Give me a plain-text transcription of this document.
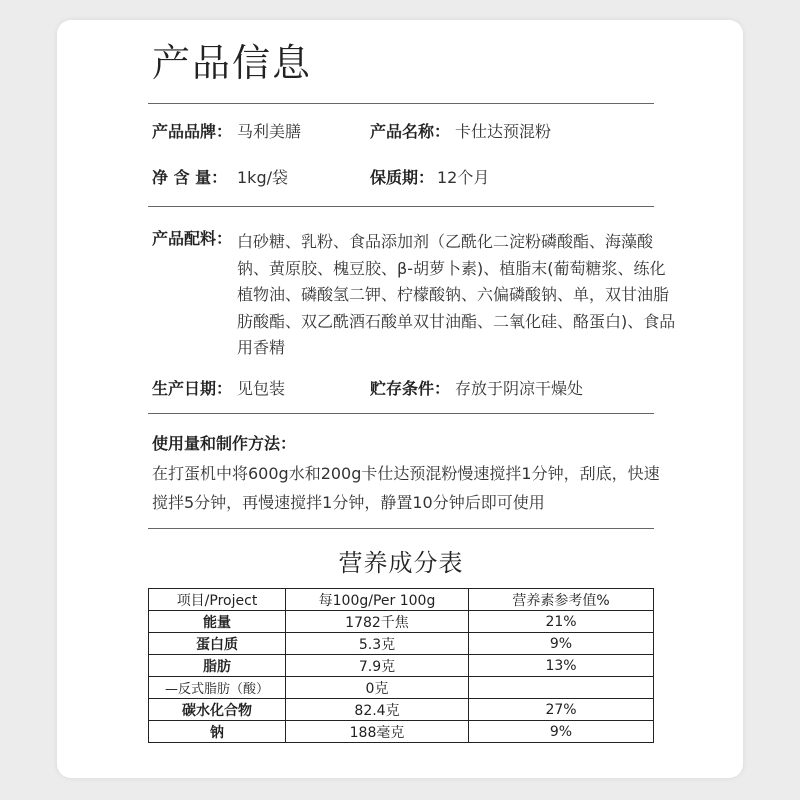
产品信息
产品品牌： 马利美膳	产品名称： 卡仕达预混粉
净 含 量： 1kg/袋	保质期： 12个月
产品配料： 白砂糖、乳粉、食品添加剂（乙酰化二淀粉磷酸酯、海藻酸钠、黄原胶、槐豆胶、β-胡萝卜素)、植脂末(葡萄糖浆、练化植物油、磷酸氢二钾、柠檬酸钠、六偏磷酸钠、单，双甘油脂肪酸酯、双乙酰酒石酸单双甘油酯、二氧化硅、酪蛋白)、食品用香精
生产日期： 见包装	贮存条件： 存放于阴凉干燥处
使用量和制作方法：
在打蛋机中将600g水和200g卡仕达预混粉慢速搅拌1分钟，刮底，快速搅拌5分钟，再慢速搅拌1分钟，静置10分钟后即可使用
营养成分表
项目/Project	每100g/Per 100g	营养素参考值%
能量	1782千焦	21%
蛋白质	5.3克	9%
脂肪	7.9克	13%
—反式脂肪（酸）	0克	
碳水化合物	82.4克	27%
钠	188毫克	9%
